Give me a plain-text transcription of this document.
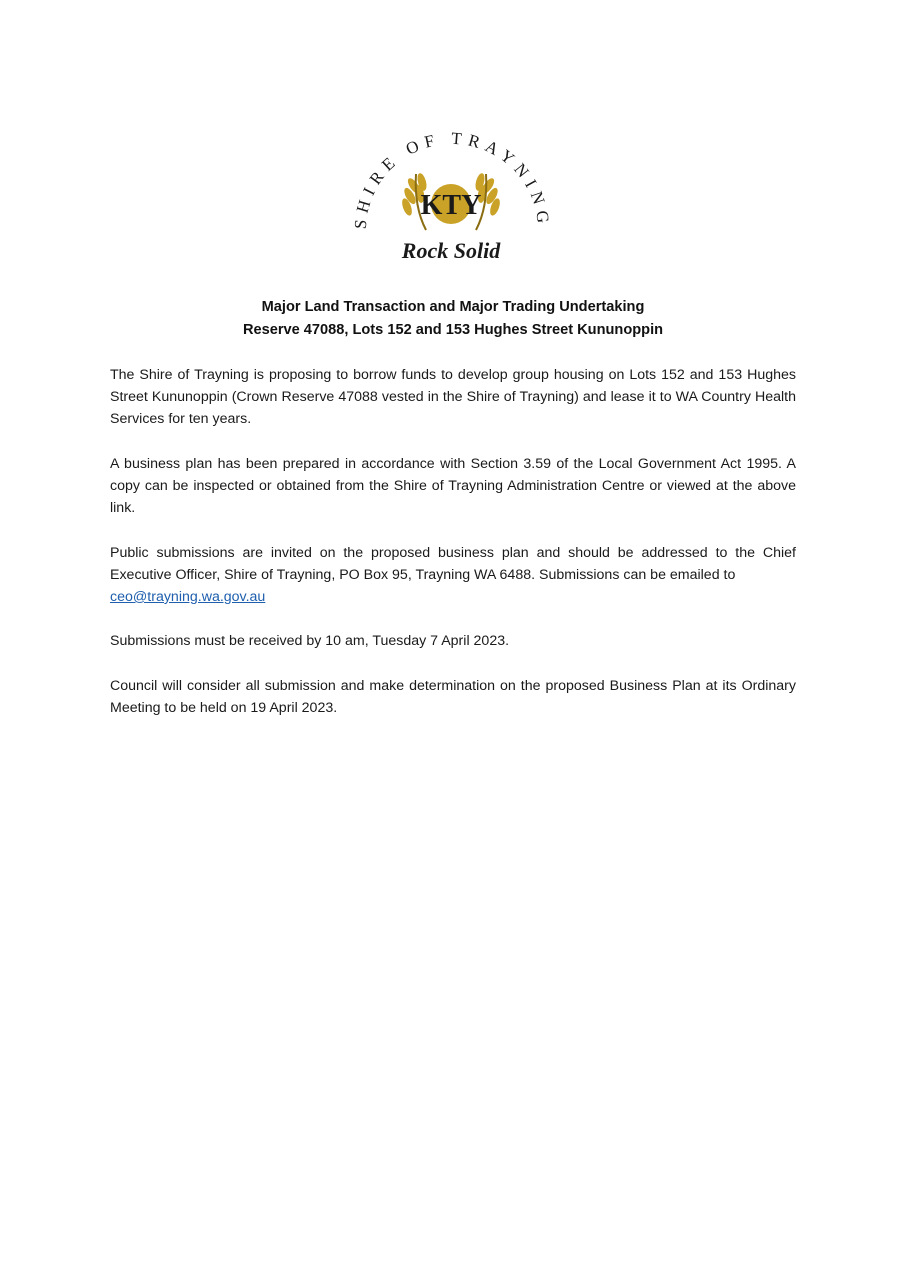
SHIRE OF TRAYNING
KTY
Rock Solid
Major Land Transaction and Major Trading Undertaking
Reserve 47088, Lots 152 and 153 Hughes Street Kununoppin

The Shire of Trayning is proposing to borrow funds to develop group housing on Lots 152 and 153 Hughes Street Kununoppin (Crown Reserve 47088 vested in the Shire of Trayning) and lease it to WA Country Health Services for ten years.

A business plan has been prepared in accordance with Section 3.59 of the Local Government Act 1995. A copy can be inspected or obtained from the Shire of Trayning Administration Centre or viewed at the above link.

Public submissions are invited on the proposed business plan and should be addressed to the Chief Executive Officer, Shire of Trayning, PO Box 95, Trayning WA 6488. Submissions can be emailed to
ceo@trayning.wa.gov.au

Submissions must be received by 10 am, Tuesday 7 April 2023.

Council will consider all submission and make determination on the proposed Business Plan at its Ordinary Meeting to be held on 19 April 2023.
